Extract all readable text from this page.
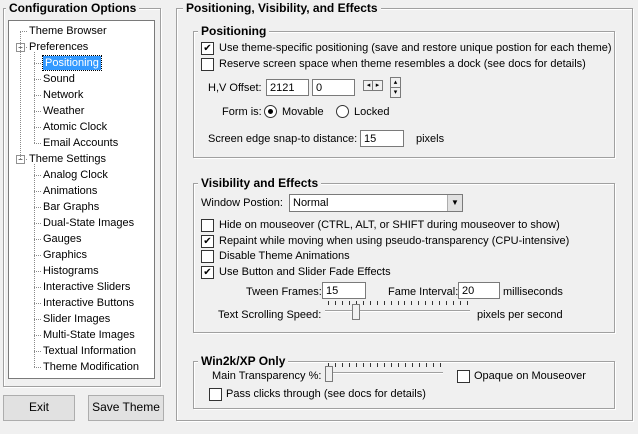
Configuration Options
Theme Browser
− Preferences
Positioning
Sound
Network
Weather
Atomic Clock
Email Accounts
− Theme Settings
Analog Clock
Animations
Bar Graphs
Dual-State Images
Gauges
Graphics
Histograms
Interactive Sliders
Interactive Buttons
Slider Images
Multi-State Images
Textual Information
Theme Modification
Exit	Save Theme
Positioning, Visibility, and Effects
Positioning
✔ Use theme-specific positioning (save and restore unique postion for each theme)
Reserve screen space when theme resembles a dock (see docs for details)
H,V Offset: 2121	0	◂ ▸	▴
▾
Form is: Movable	Locked
Screen edge snap-to distance: 15	pixels
Visibility and Effects
Window Postion: Normal	▼
Hide on mouseover (CTRL, ALT, or SHIFT during mouseover to show)
✔ Repaint while moving when using pseudo-transparency (CPU-intensive)
Disable Theme Animations
✔ Use Button and Slider Fade Effects
Tween Frames: 15	Fame Interval: 20	milliseconds
Text Scrolling Speed:	pixels per second
Win2k/XP Only
Main Transparency %:	Opaque on Mouseover
Pass clicks through (see docs for details)
